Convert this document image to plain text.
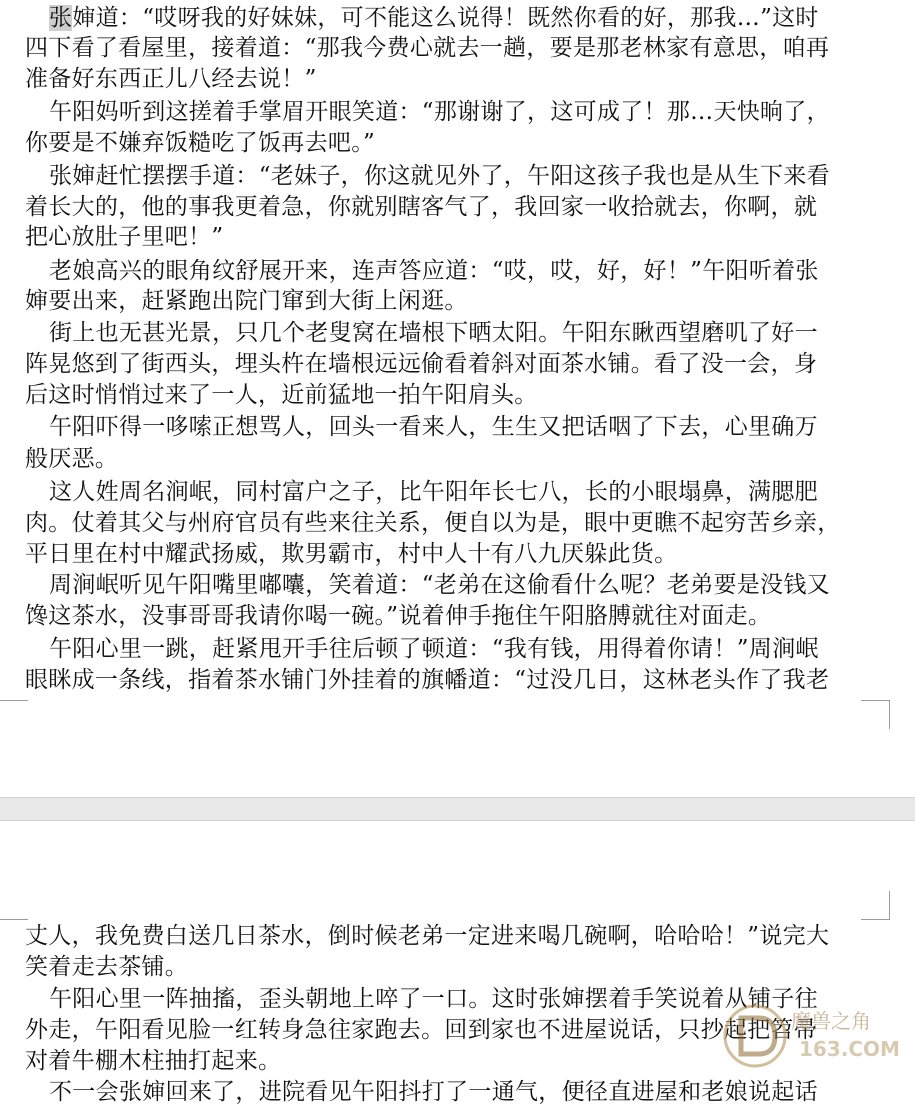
张婶道：“哎呀我的好妹妹，可不能这么说得！既然你看的好，那我…”这时
四下看了看屋里，接着道：“那我今费心就去一趟，要是那老林家有意思，咱再
准备好东西正儿八经去说！”
午阳妈听到这搓着手掌眉开眼笑道：“那谢谢了，这可成了！那…天快晌了，
你要是不嫌弃饭糙吃了饭再去吧。”
张婶赶忙摆摆手道：“老妹子，你这就见外了，午阳这孩子我也是从生下来看
着长大的，他的事我更着急，你就别瞎客气了，我回家一收拾就去，你啊，就
把心放肚子里吧！”
老娘高兴的眼角纹舒展开来，连声答应道：“哎，哎，好，好！”午阳听着张
婶要出来，赶紧跑出院门窜到大街上闲逛。
街上也无甚光景，只几个老叟窝在墙根下晒太阳。午阳东瞅西望磨叽了好一
阵晃悠到了街西头，埋头杵在墙根远远偷看着斜对面茶水铺。看了没一会，身
后这时悄悄过来了一人，近前猛地一拍午阳肩头。
午阳吓得一哆嗦正想骂人，回头一看来人，生生又把话咽了下去，心里确万
般厌恶。
这人姓周名涧岷，同村富户之子，比午阳年长七八，长的小眼塌鼻，满腮肥
肉。仗着其父与州府官员有些来往关系，便自以为是，眼中更瞧不起穷苦乡亲，
平日里在村中耀武扬威，欺男霸市，村中人十有八九厌躲此货。
周涧岷听见午阳嘴里嘟囔，笑着道：“老弟在这偷看什么呢？老弟要是没钱又
馋这茶水，没事哥哥我请你喝一碗。”说着伸手拖住午阳胳膊就往对面走。
午阳心里一跳，赶紧甩开手往后顿了顿道：“我有钱，用得着你请！”周涧岷
眼眯成一条线，指着茶水铺门外挂着的旗幡道：“过没几日，这林老头作了我老
丈人，我免费白送几日茶水，倒时候老弟一定进来喝几碗啊，哈哈哈！”说完大
笑着走去茶铺。
午阳心里一阵抽搐，歪头朝地上啐了一口。这时张婶摆着手笑说着从铺子往
外走，午阳看见脸一红转身急往家跑去。回到家也不进屋说话，只抄起把笤帚
对着牛棚木柱抽打起来。
不一会张婶回来了，进院看见午阳抖打了一通气，便径直进屋和老娘说起话
魔兽之角
163.COM
